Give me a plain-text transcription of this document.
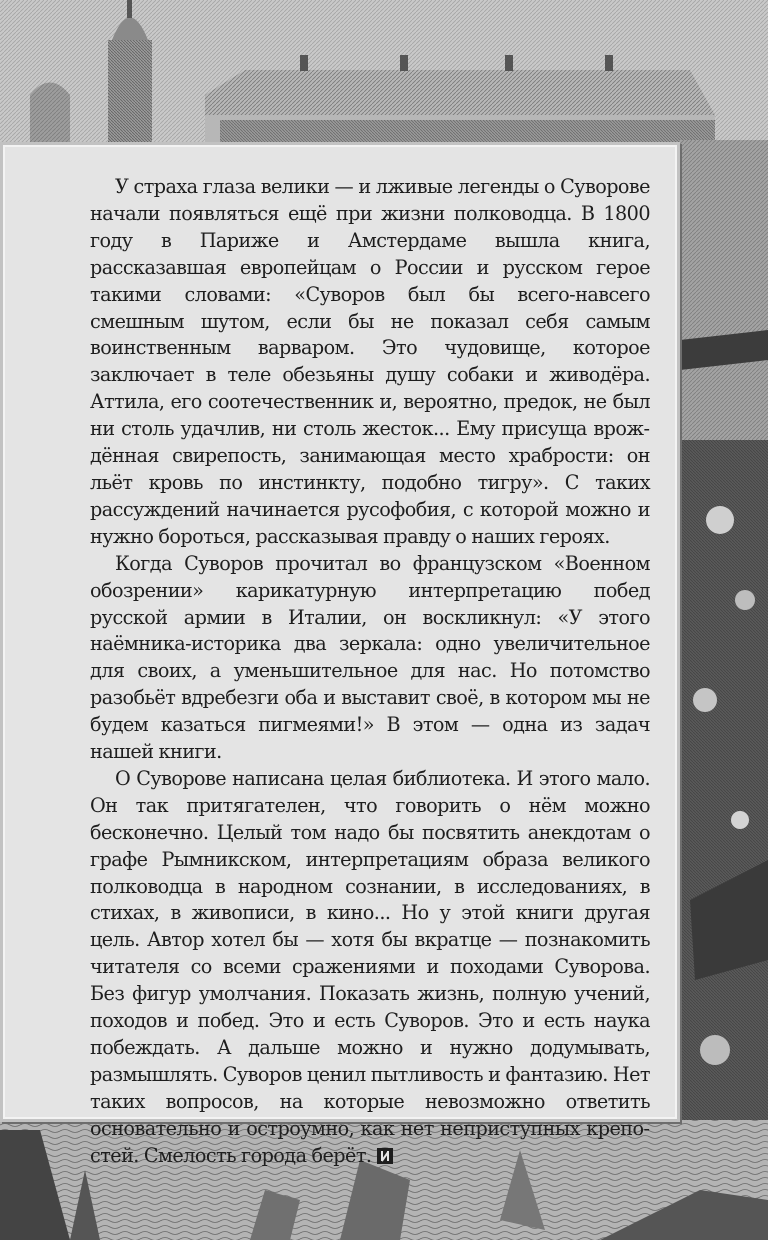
У страха глаза велики — и лживые легенды о Суворове начали появляться ещё при жизни полководца. В 1800 году в Париже и Амстердаме вышла книга, рассказавшая европейцам о России и русском герое такими словами: «Суворов был бы всего-навсего смешным шутом, если бы не показал себя самым воинственным варваром. Это чудовище, которое заключает в теле обезьяны душу собаки и живодёра. Аттила, его соотечественник и, вероятно, предок, не был ни столь удачлив, ни столь жесток... Ему присуща врождённая свирепость, занимающая место храбрости: он льёт кровь по инстинкту, подобно тигру». С таких рассуждений начинается русофобия, с которой можно и нужно бороться, рассказывая правду о наших героях.

Когда Суворов прочитал во французском «Военном обозрении» карикатурную интерпретацию побед русской армии в Италии, он воскликнул: «У этого наёмника-историка два зеркала: одно увеличительное для своих, а уменьшительное для нас. Но потомство разобьёт вдребезги оба и выставит своё, в котором мы не будем казаться пигмеями!» В этом — одна из задач нашей книги.

О Суворове написана целая библиотека. И этого мало. Он так притягателен, что говорить о нём можно бесконечно. Целый том надо бы посвятить анекдотам о графе Рымникском, интерпретациям образа великого полководца в народном сознании, в исследованиях, в стихах, в живописи, в кино... Но у этой книги другая цель. Автор хотел бы — хотя бы вкратце — познакомить читателя со всеми сражениями и походами Суворова. Без фигур умолчания. Показать жизнь, полную учений, походов и побед. Это и есть Суворов. Это и есть наука побеждать. А дальше можно и нужно додумывать, размышлять. Суворов ценил пытливость и фантазию. Нет таких вопросов, на которые невозможно ответить основательно и остроумно, как нет неприступных крепостей. Смелость города берёт.
